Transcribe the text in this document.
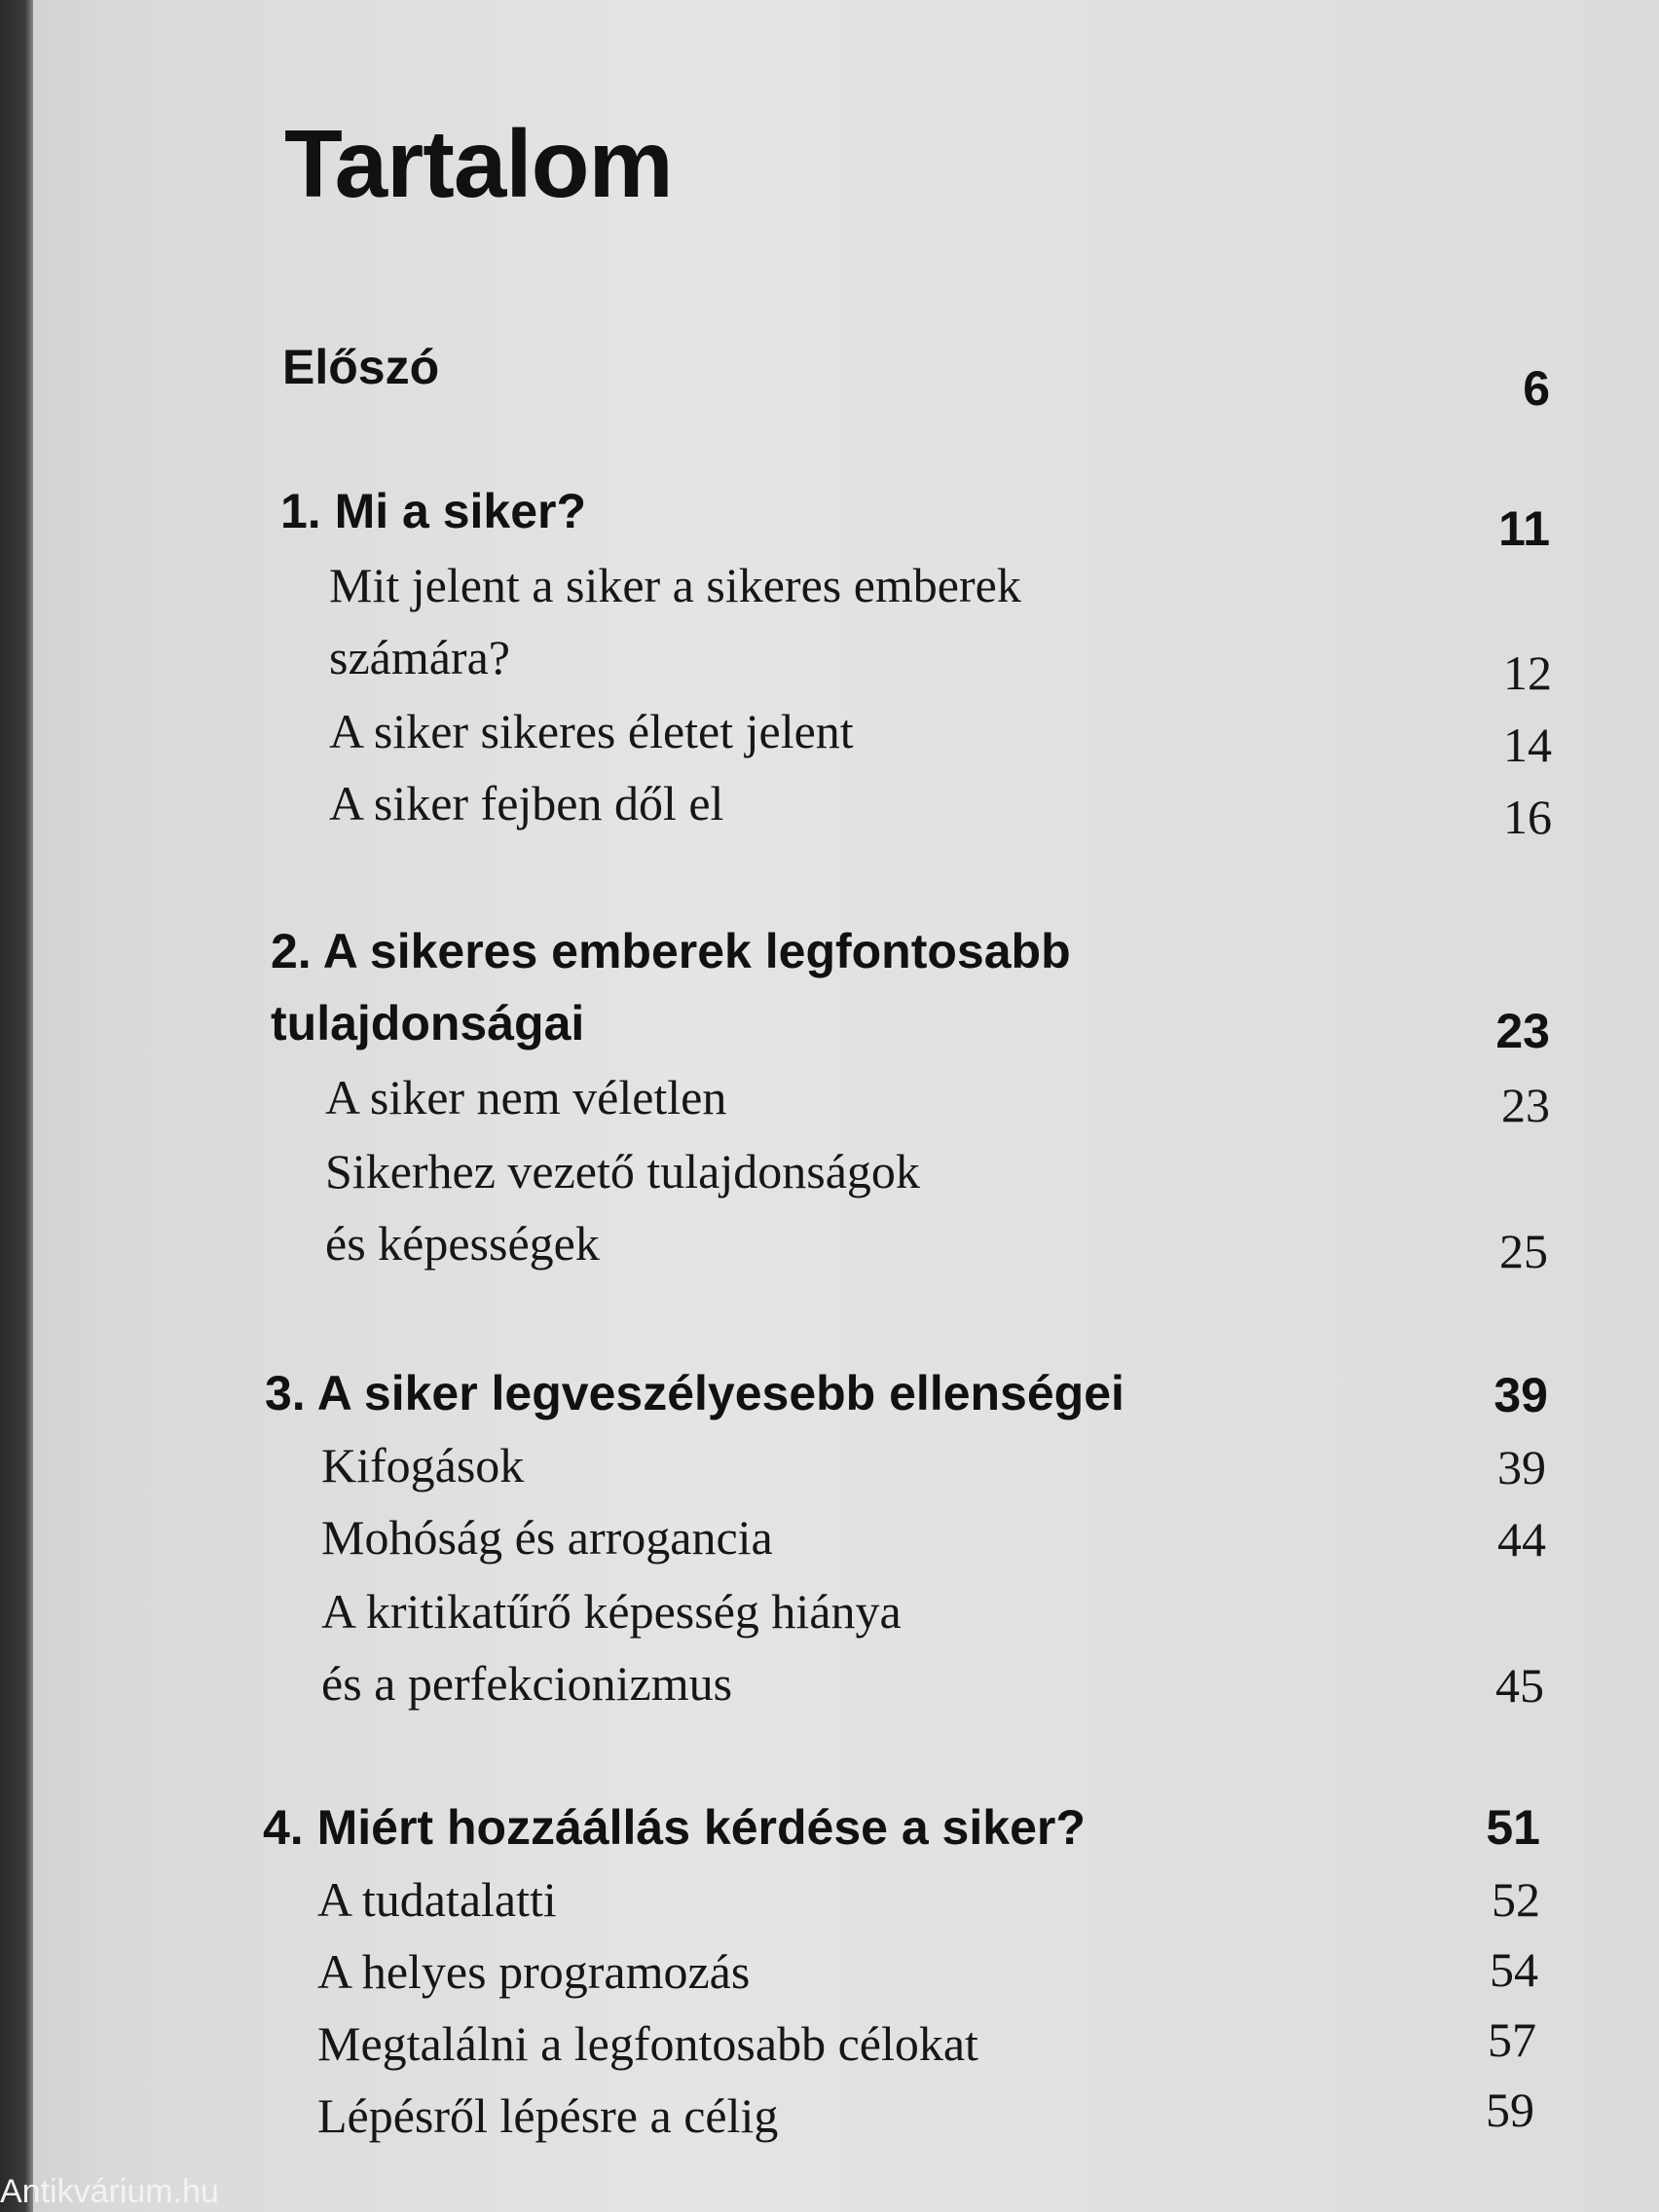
Tartalom
Előszó	6
1. Mi a siker?	11
Mit jelent a siker a sikeres emberek
számára?	12
A siker sikeres életet jelent	14
A siker fejben dől el	16
2. A sikeres emberek legfontosabb
tulajdonságai	23
A siker nem véletlen	23
Sikerhez vezető tulajdonságok
és képességek	25
3. A siker legveszélyesebb ellenségei	39
Kifogások	39
Mohóság és arrogancia	44
A kritikatűrő képesség hiánya
és a perfekcionizmus	45
4. Miért hozzáállás kérdése a siker?	51
A tudatalatti	52
A helyes programozás	54
Megtalálni a legfontosabb célokat	57
Lépésről lépésre a célig	59
Antikvárium.hu
